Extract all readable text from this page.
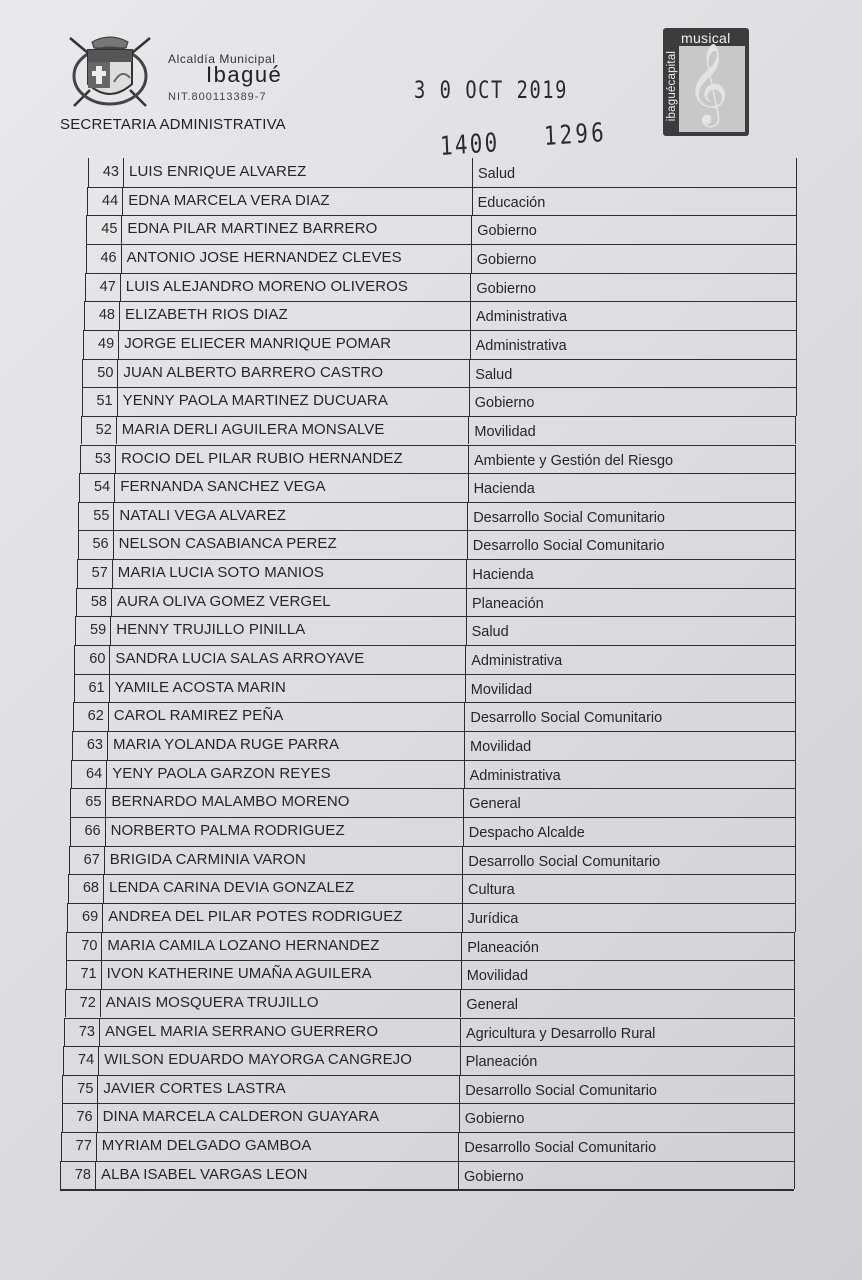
Alcaldía Municipal
Ibagué
NIT.800113389-7
SECRETARIA ADMINISTRATIVA
3 0 OCT 2019
1400 1296
𝄞
musical
ibaguécapital
43 LUIS ENRIQUE ALVAREZ	Salud
44 EDNA MARCELA VERA DIAZ	Educación
45 EDNA PILAR MARTINEZ BARRERO	Gobierno
46 ANTONIO JOSE HERNANDEZ CLEVES	Gobierno
47 LUIS ALEJANDRO MORENO OLIVEROS	Gobierno
48 ELIZABETH RIOS DIAZ	Administrativa
49 JORGE ELIECER MANRIQUE POMAR	Administrativa
50 JUAN ALBERTO BARRERO CASTRO	Salud
51 YENNY PAOLA MARTINEZ DUCUARA	Gobierno
52 MARIA DERLI AGUILERA MONSALVE	Movilidad
53 ROCIO DEL PILAR RUBIO HERNANDEZ	Ambiente y Gestión del Riesgo
54 FERNANDA SANCHEZ VEGA	Hacienda
55 NATALI VEGA ALVAREZ	Desarrollo Social Comunitario
56 NELSON CASABIANCA PEREZ	Desarrollo Social Comunitario
57 MARIA LUCIA SOTO MANIOS	Hacienda
58 AURA OLIVA GOMEZ VERGEL	Planeación
59 HENNY TRUJILLO PINILLA	Salud
60 SANDRA LUCIA SALAS ARROYAVE	Administrativa
61 YAMILE ACOSTA MARIN	Movilidad
62 CAROL RAMIREZ PEÑA	Desarrollo Social Comunitario
63 MARIA YOLANDA RUGE PARRA	Movilidad
64 YENY PAOLA GARZON REYES	Administrativa
65 BERNARDO MALAMBO MORENO	General
66 NORBERTO PALMA RODRIGUEZ	Despacho Alcalde
67 BRIGIDA CARMINIA VARON	Desarrollo Social Comunitario
68 LENDA CARINA DEVIA GONZALEZ	Cultura
69 ANDREA DEL PILAR POTES RODRIGUEZ	Jurídica
70 MARIA CAMILA LOZANO HERNANDEZ	Planeación
71 IVON KATHERINE UMAÑA AGUILERA	Movilidad
72 ANAIS MOSQUERA TRUJILLO	General
73 ANGEL MARIA SERRANO GUERRERO	Agricultura y Desarrollo Rural
74 WILSON EDUARDO MAYORGA CANGREJO	Planeación
75 JAVIER CORTES LASTRA	Desarrollo Social Comunitario
76 DINA MARCELA CALDERON GUAYARA	Gobierno
77 MYRIAM DELGADO GAMBOA	Desarrollo Social Comunitario
78 ALBA ISABEL VARGAS LEON	Gobierno
